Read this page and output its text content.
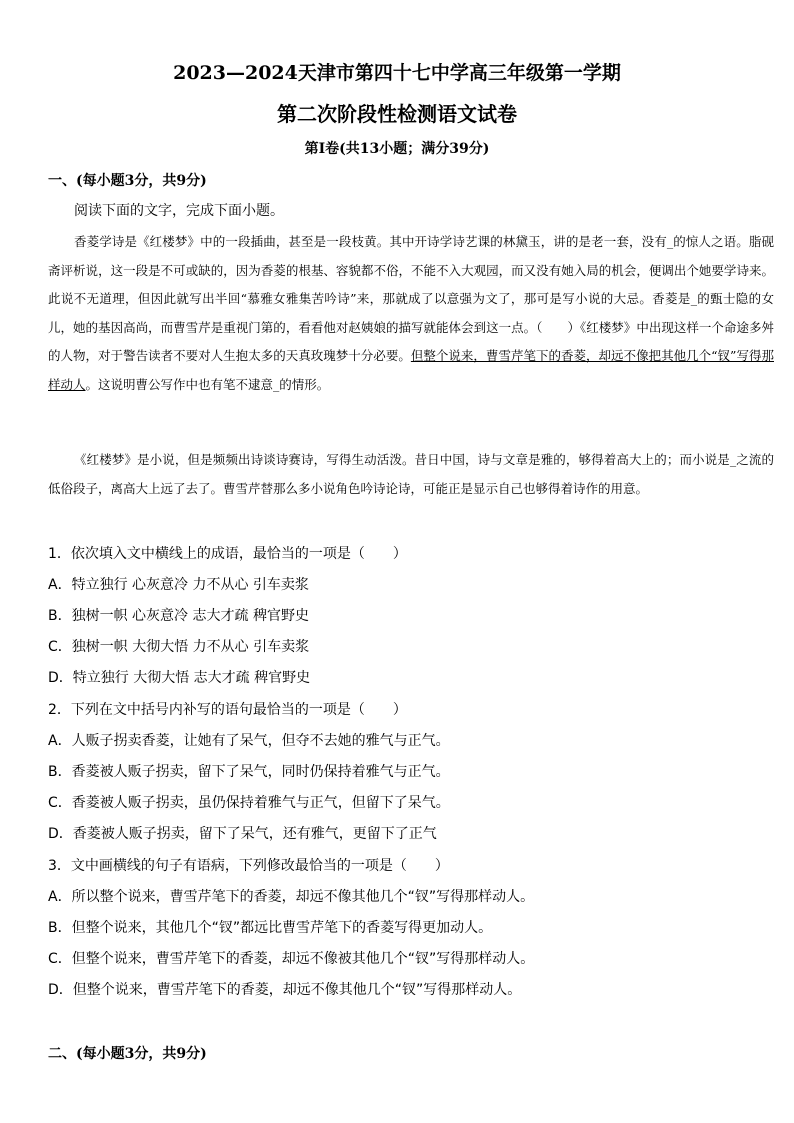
2023—2024天津市第四十七中学高三年级第一学期
第二次阶段性检测语文试卷

第Ⅰ卷(共13小题；满分39分)

一、(每小题3分，共9分)

阅读下面的文字，完成下面小题。

香菱学诗是《红楼梦》中的一段插曲，甚至是一段枝黄。其中开诗学诗艺课的林黛玉，讲的是老一套，没有_的惊人之语。脂砚斋评析说，这一段是不可或缺的，因为香菱的根基、容貌都不俗，不能不入大观园，而又没有她入局的机会，便调出个她要学诗来。此说不无道理，但因此就写出半回“慕雅女雅集苦吟诗”来，那就成了以意强为文了，那可是写小说的大忌。香菱是_的甄士隐的女儿，她的基因高尚，而曹雪芹是重视门第的，看看他对赵姨娘的描写就能体会到这一点。（　　）《红楼梦》中出现这样一个命途多舛的人物，对于警告读者不要对人生抱太多的天真玫瑰梦十分必要。但整个说来，曹雪芹笔下的香菱，却远不像把其他几个“钗”写得那样动人。这说明曹公写作中也有笔不逮意_的情形。

《红楼梦》是小说，但是频频出诗谈诗赛诗，写得生动活泼。昔日中国，诗与文章是雅的，够得着高大上的；而小说是_之流的低俗段子，离高大上远了去了。曹雪芹替那么多小说角色吟诗论诗，可能正是显示自己也够得着诗作的用意。

1．依次填入文中横线上的成语，最恰当的一项是（　　）

A．特立独行 心灰意冷 力不从心 引车卖浆

B．独树一帜 心灰意冷 志大才疏 稗官野史

C．独树一帜 大彻大悟 力不从心 引车卖浆

D．特立独行 大彻大悟 志大才疏 稗官野史

2．下列在文中括号内补写的语句最恰当的一项是（　　）

A．人贩子拐卖香菱，让她有了呆气，但夺不去她的雅气与正气。

B．香菱被人贩子拐卖，留下了呆气，同时仍保持着雅气与正气。

C．香菱被人贩子拐卖，虽仍保持着雅气与正气，但留下了呆气。

D．香菱被人贩子拐卖，留下了呆气，还有雅气，更留下了正气

3．文中画横线的句子有语病，下列修改最恰当的一项是（　　）

A．所以整个说来，曹雪芹笔下的香菱，却远不像其他几个“钗”写得那样动人。

B．但整个说来，其他几个“钗”都远比曹雪芹笔下的香菱写得更加动人。

C．但整个说来，曹雪芹笔下的香菱，却远不像被其他几个“钗”写得那样动人。

D．但整个说来，曹雪芹笔下的香菱，却远不像其他几个“钗”写得那样动人。

二、(每小题3分，共9分)
